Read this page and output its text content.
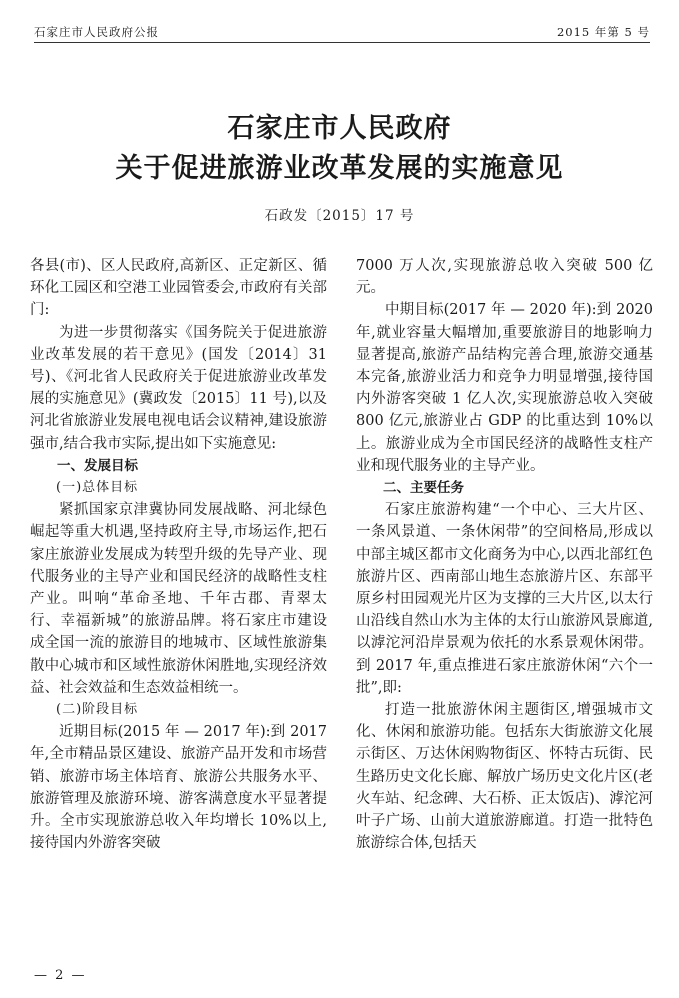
石家庄市人民政府公报	2015 年第 5 号
石家庄市人民政府
关于促进旅游业改革发展的实施意见
石政发〔2015〕17 号

各县(市)、区人民政府,高新区、正定新区、循环化工园区和空港工业园管委会,市政府有关部门:

为进一步贯彻落实《国务院关于促进旅游业改革发展的若干意见》(国发〔2014〕31 号)、《河北省人民政府关于促进旅游业改革发展的实施意见》(冀政发〔2015〕11 号),以及河北省旅游业发展电视电话会议精神,建设旅游强市,结合我市实际,提出如下实施意见:

一、发展目标

(一)总体目标

紧抓国家京津冀协同发展战略、河北绿色崛起等重大机遇,坚持政府主导,市场运作,把石家庄旅游业发展成为转型升级的先导产业、现代服务业的主导产业和国民经济的战略性支柱产业。叫响“革命圣地、千年古郡、青翠太行、幸福新城”的旅游品牌。将石家庄市建设成全国一流的旅游目的地城市、区域性旅游集散中心城市和区域性旅游休闲胜地,实现经济效益、社会效益和生态效益相统一。

(二)阶段目标

近期目标(2015 年 — 2017 年):到 2017 年,全市精品景区建设、旅游产品开发和市场营销、旅游市场主体培育、旅游公共服务水平、旅游管理及旅游环境、游客满意度水平显著提升。全市实现旅游总收入年均增长 10%以上,接待国内外游客突破

7000 万人次,实现旅游总收入突破 500 亿元。

中期目标(2017 年 — 2020 年):到 2020 年,就业容量大幅增加,重要旅游目的地影响力显著提高,旅游产品结构完善合理,旅游交通基本完备,旅游业活力和竞争力明显增强,接待国内外游客突破 1 亿人次,实现旅游总收入突破 800 亿元,旅游业占 GDP 的比重达到 10%以上。旅游业成为全市国民经济的战略性支柱产业和现代服务业的主导产业。

二、主要任务

石家庄旅游构建“一个中心、三大片区、一条风景道、一条休闲带”的空间格局,形成以中部主城区都市文化商务为中心,以西北部红色旅游片区、西南部山地生态旅游片区、东部平原乡村田园观光片区为支撑的三大片区,以太行山沿线自然山水为主体的太行山旅游风景廊道,以滹沱河沿岸景观为依托的水系景观休闲带。到 2017 年,重点推进石家庄旅游休闲“六个一批”,即:

打造一批旅游休闲主题街区,增强城市文化、休闲和旅游功能。包括东大街旅游文化展示街区、万达休闲购物街区、怀特古玩街、民生路历史文化长廊、解放广场历史文化片区(老火车站、纪念碑、大石桥、正太饭店)、滹沱河叶子广场、山前大道旅游廊道。打造一批特色旅游综合体,包括天

— 2 —
